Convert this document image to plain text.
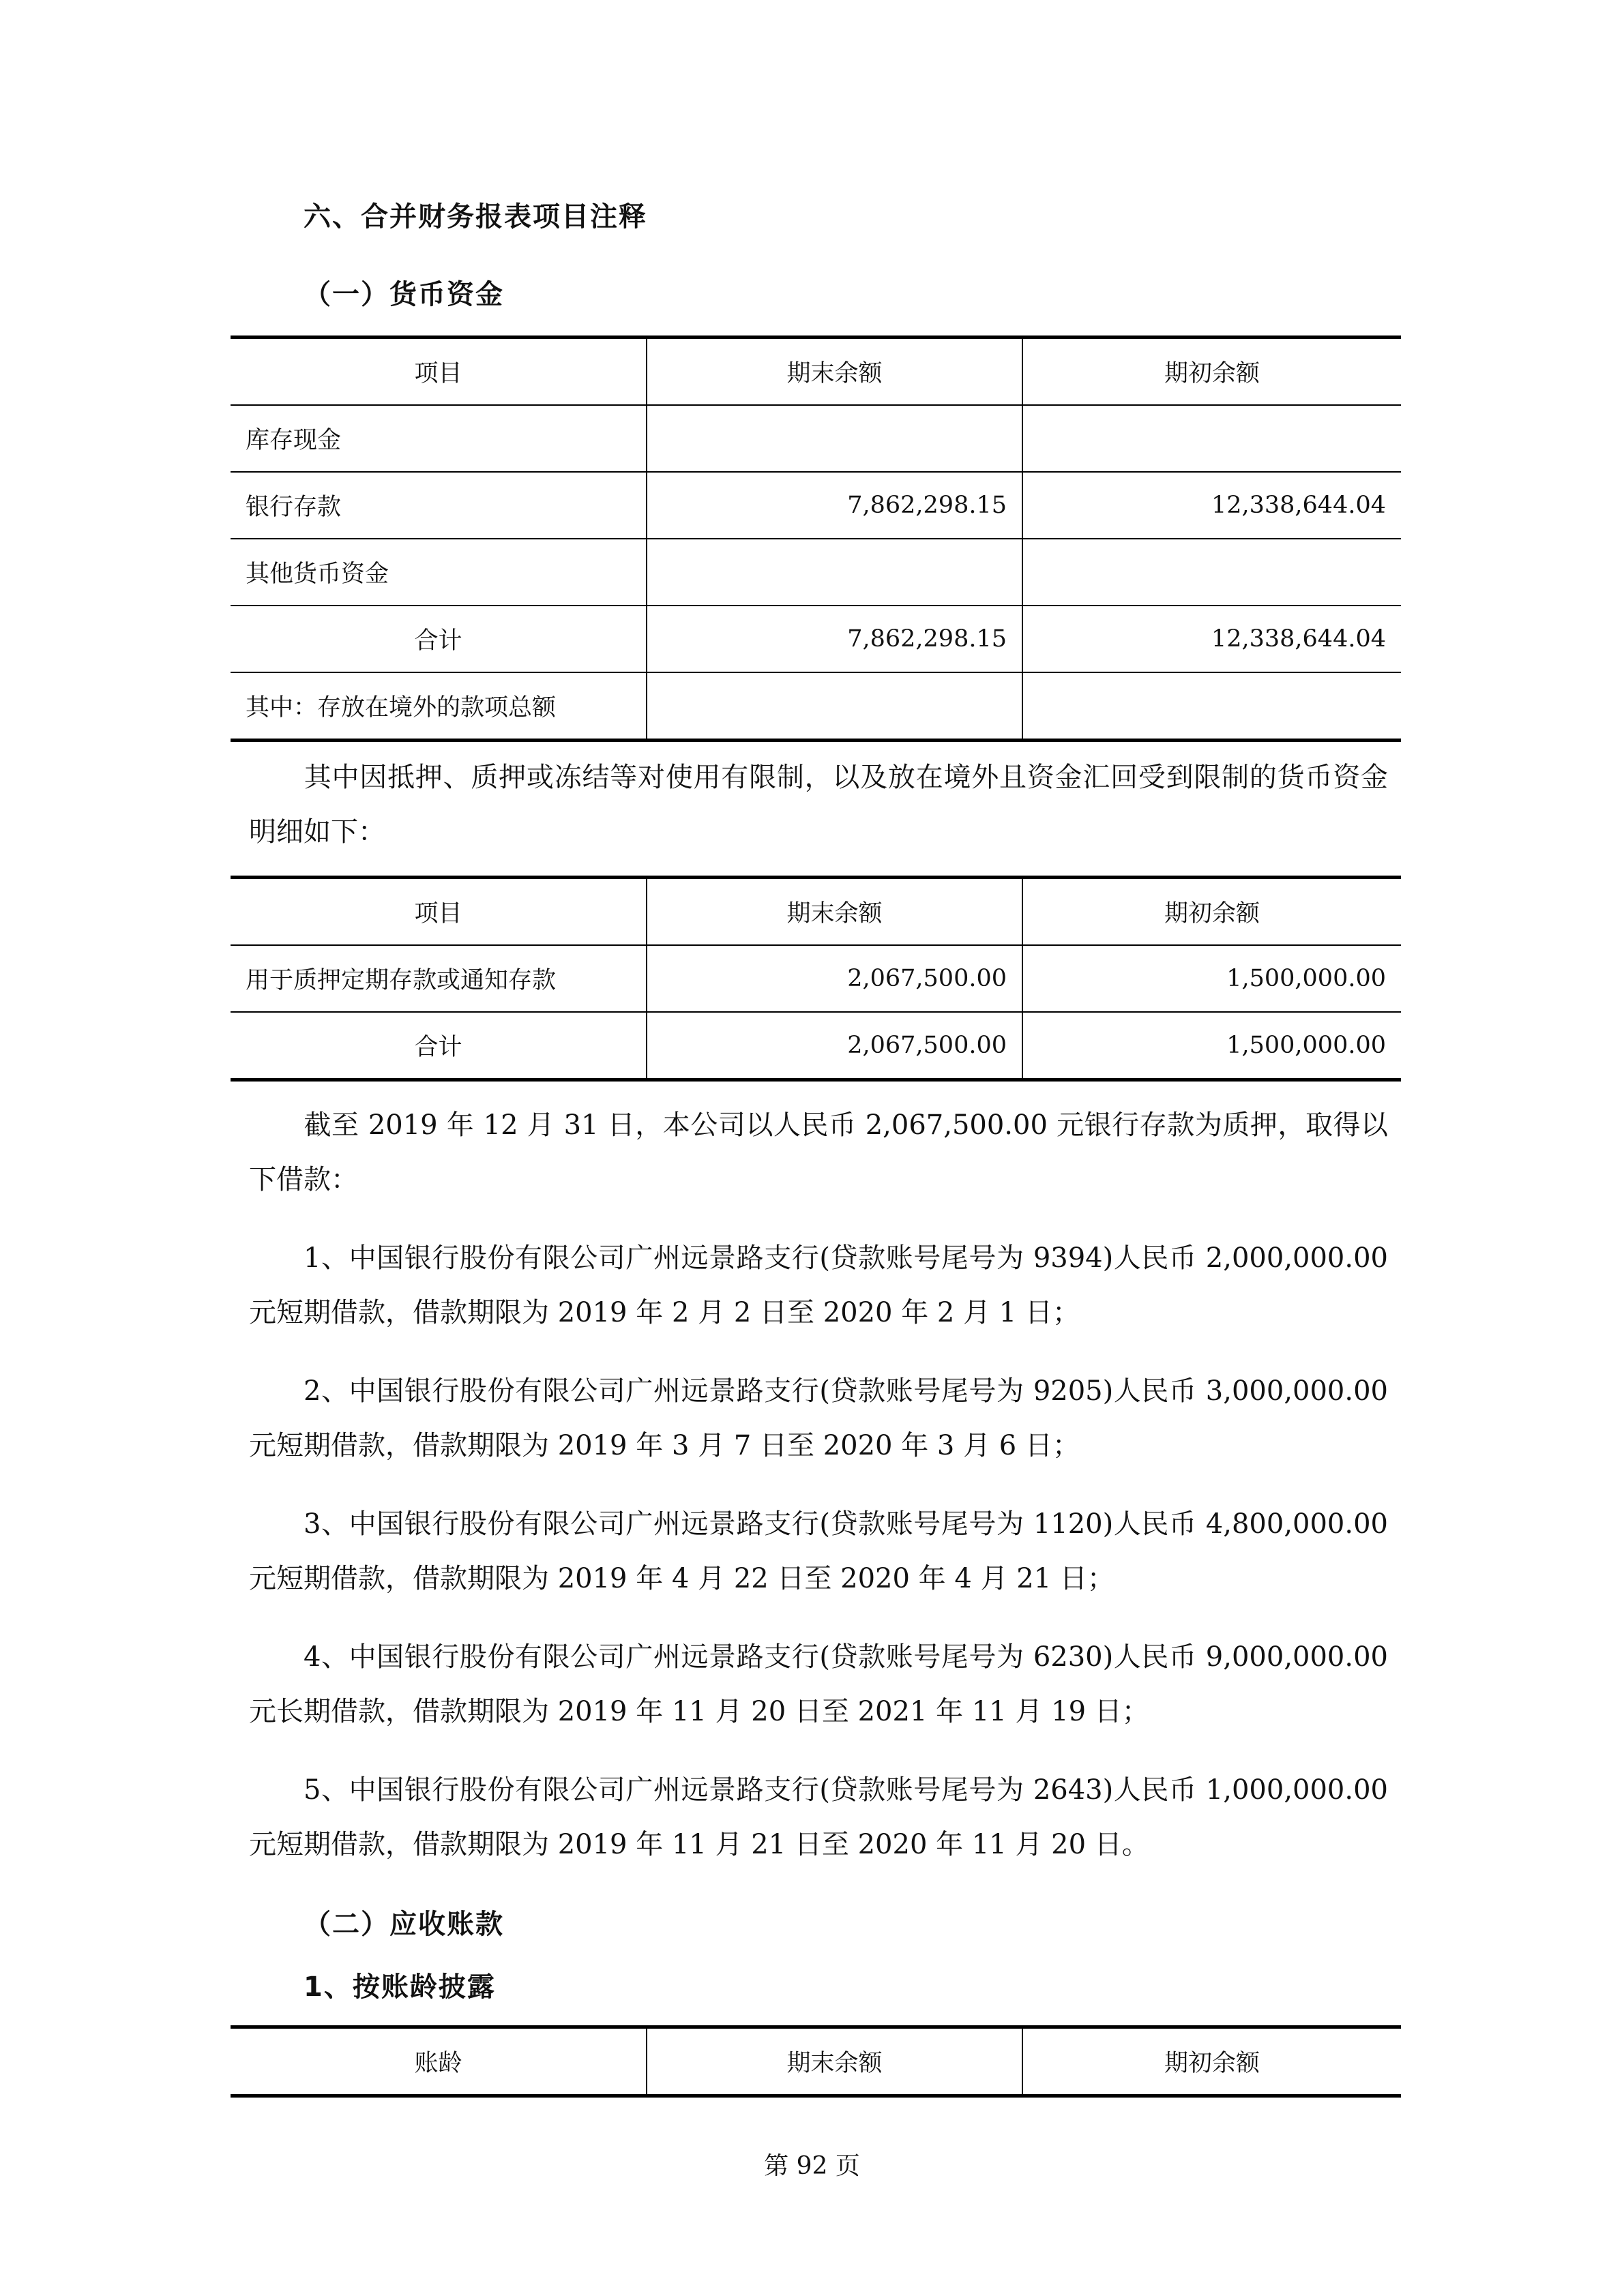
六、合并财务报表项目注释
（一）货币资金
项目	期末余额	期初余额
库存现金		
银行存款	7,862,298.15	12,338,644.04
其他货币资金		
合计	7,862,298.15	12,338,644.04
其中：存放在境外的款项总额		
其中因抵押、质押或冻结等对使用有限制，以及放在境外且资金汇回受到限制的货币资金明细如下：
项目	期末余额	期初余额
用于质押定期存款或通知存款	2,067,500.00	1,500,000.00
合计	2,067,500.00	1,500,000.00
截至 2019 年 12 月 31 日，本公司以人民币 2,067,500.00 元银行存款为质押，取得以下借款：
1、中国银行股份有限公司广州远景路支行(贷款账号尾号为 9394)人民币 2,000,000.00 元短期借款，借款期限为 2019 年 2 月 2 日至 2020 年 2 月 1 日；
2、中国银行股份有限公司广州远景路支行(贷款账号尾号为 9205)人民币 3,000,000.00 元短期借款，借款期限为 2019 年 3 月 7 日至 2020 年 3 月 6 日；
3、中国银行股份有限公司广州远景路支行(贷款账号尾号为 1120)人民币 4,800,000.00 元短期借款，借款期限为 2019 年 4 月 22 日至 2020 年 4 月 21 日；
4、中国银行股份有限公司广州远景路支行(贷款账号尾号为 6230)人民币 9,000,000.00 元长期借款，借款期限为 2019 年 11 月 20 日至 2021 年 11 月 19 日；
5、中国银行股份有限公司广州远景路支行(贷款账号尾号为 2643)人民币 1,000,000.00 元短期借款，借款期限为 2019 年 11 月 21 日至 2020 年 11 月 20 日。
（二）应收账款
1、按账龄披露
账龄	期末余额	期初余额
第 92 页
